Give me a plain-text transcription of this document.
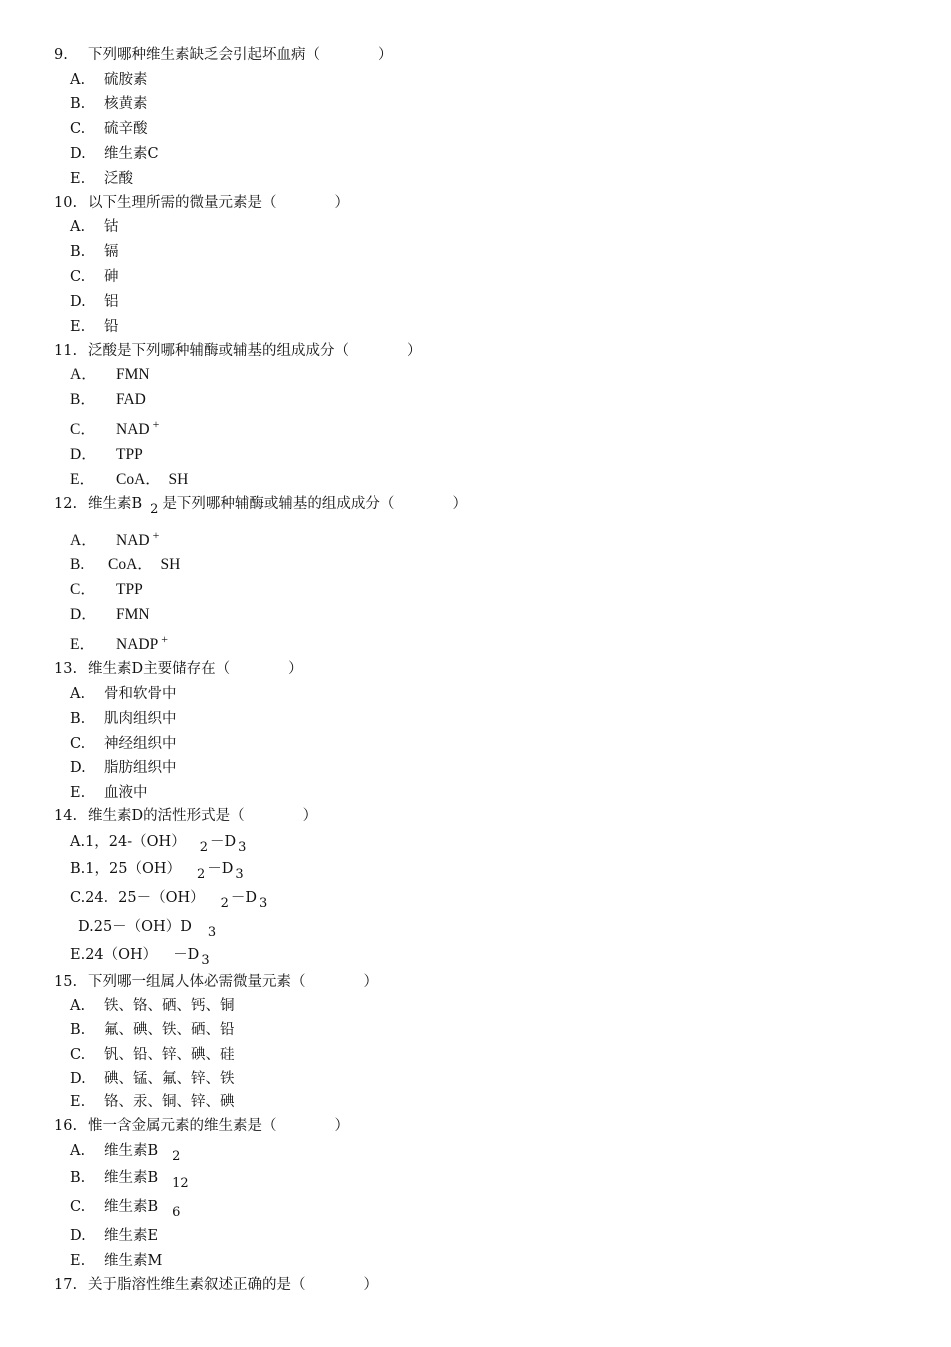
9. 下列哪种维生素缺乏会引起坏血病（	）
A. 硫胺素
B. 核黄素
C. 硫辛酸
D. 维生素C
E. 泛酸
10. 以下生理所需的微量元素是（	）
A. 钴
B. 镉
C. 砷
D. 铝
E. 铅
11. 泛酸是下列哪种辅酶或辅基的组成成分（	）
A． FMN
B． FAD
C． NAD +
D． TPP
E． CoA．  SH
12. 维生素B 2 是下列哪种辅酶或辅基的组成成分（	）
A． NAD +
B. CoA．  SH
C． TPP
D． FMN
E． NADP +
13. 维生素D主要储存在（	）
A. 骨和软骨中
B. 肌肉组织中
C. 神经组织中
D. 脂肪组织中
E. 血液中
14. 维生素D的活性形式是（	）
A.1，24-（OH） 2 －D 3
B.1，25（OH） 2 －D 3
C.24．25－（OH） 2 －D 3
D.25－（OH）D 3
E.24（OH） －D 3
15. 下列哪一组属人体必需微量元素（	）
A. 铁、铬、硒、钙、铜
B. 氟、碘、铁、硒、铅
C. 钒、铅、锌、碘、硅
D. 碘、锰、氟、锌、铁
E. 铬、汞、铜、锌、碘
16. 惟一含金属元素的维生素是（	）
A. 维生素B 2
B. 维生素B 12
C. 维生素B 6
D. 维生素E
E. 维生素M
17. 关于脂溶性维生素叙述正确的是（	）
